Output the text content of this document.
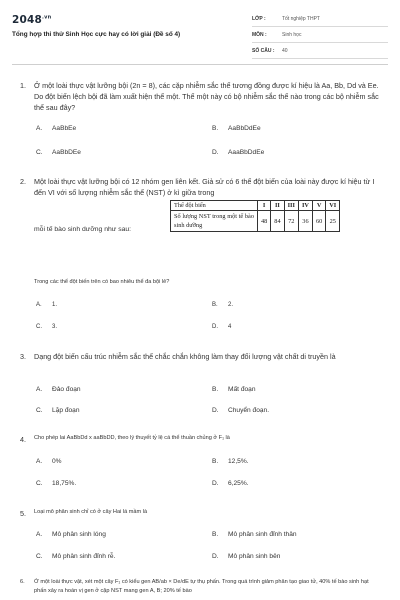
$2048^{.vn}$
Tổng hợp thi thử Sinh Học cực hay có lời giải (Đề số 4)
LỚP :	Tốt nghiệp THPT
MÔN :	Sinh học
SỐ CÂU :	40
1. Ở một loài thực vật lưỡng bội (2n = 8), các cặp nhiễm sắc thể tương đồng được kí hiệu là Aa, Bb, Dd và Ee. Do đột biến lệch bội đã làm xuất hiện thể một. Thể một này có bộ nhiễm sắc thể nào trong các bộ nhiễm sắc thể sau đây?
A. AaBbEe	B. AaBbDdEe
C. AaBbDEe	D. AaaBbDdEe
2. Một loài thực vật lưỡng bội có 12 nhóm gen liên kết. Giả sử có 6 thể đột biến của loài này được kí hiệu từ I đến VI với số lượng nhiễm sắc thể (NST) ở kì giữa trong
mỗi tế bào sinh dưỡng như sau:
Thể đột biến	I	II	III	IV	V	VI
Số lượng NST trong một tế bào sinh dưỡng	48	84	72	36	60	25
Trong các thể đột biến trên có bao nhiêu thể đa bội lẻ?
A. 1.	B. 2.
C. 3.	D. 4
3. Dạng đột biến cấu trúc nhiễm sắc thể chắc chắn không làm thay đổi lượng vật chất di truyền là
A. Đảo đoạn	B. Mất đoạn
C. Lặp đoạn	D. Chuyển đoạn.
4. Cho phép lai AaBbDd x aaBbDD, theo lý thuyết tỷ lệ cá thể thuần chủng ở F₁ là
A. 0%	B. 12,5%.
C. 18,75%.	D. 6,25%.
5. Loại mô phân sinh chỉ có ở cây Hai lá mầm là
A. Mô phân sinh lóng	B. Mô phân sinh đỉnh thân
C. Mô phân sinh đỉnh rễ.	D. Mô phân sinh bên
6. Ở một loài thực vật, xét một cây F₁ có kiểu gen AB/ab × De/dE tự thụ phấn. Trong quá trình giảm phân tạo giao tử, 40% tế bào sinh hạt phấn xảy ra hoán vị gen ở cặp NST mang gen A, B; 20% tế bào
